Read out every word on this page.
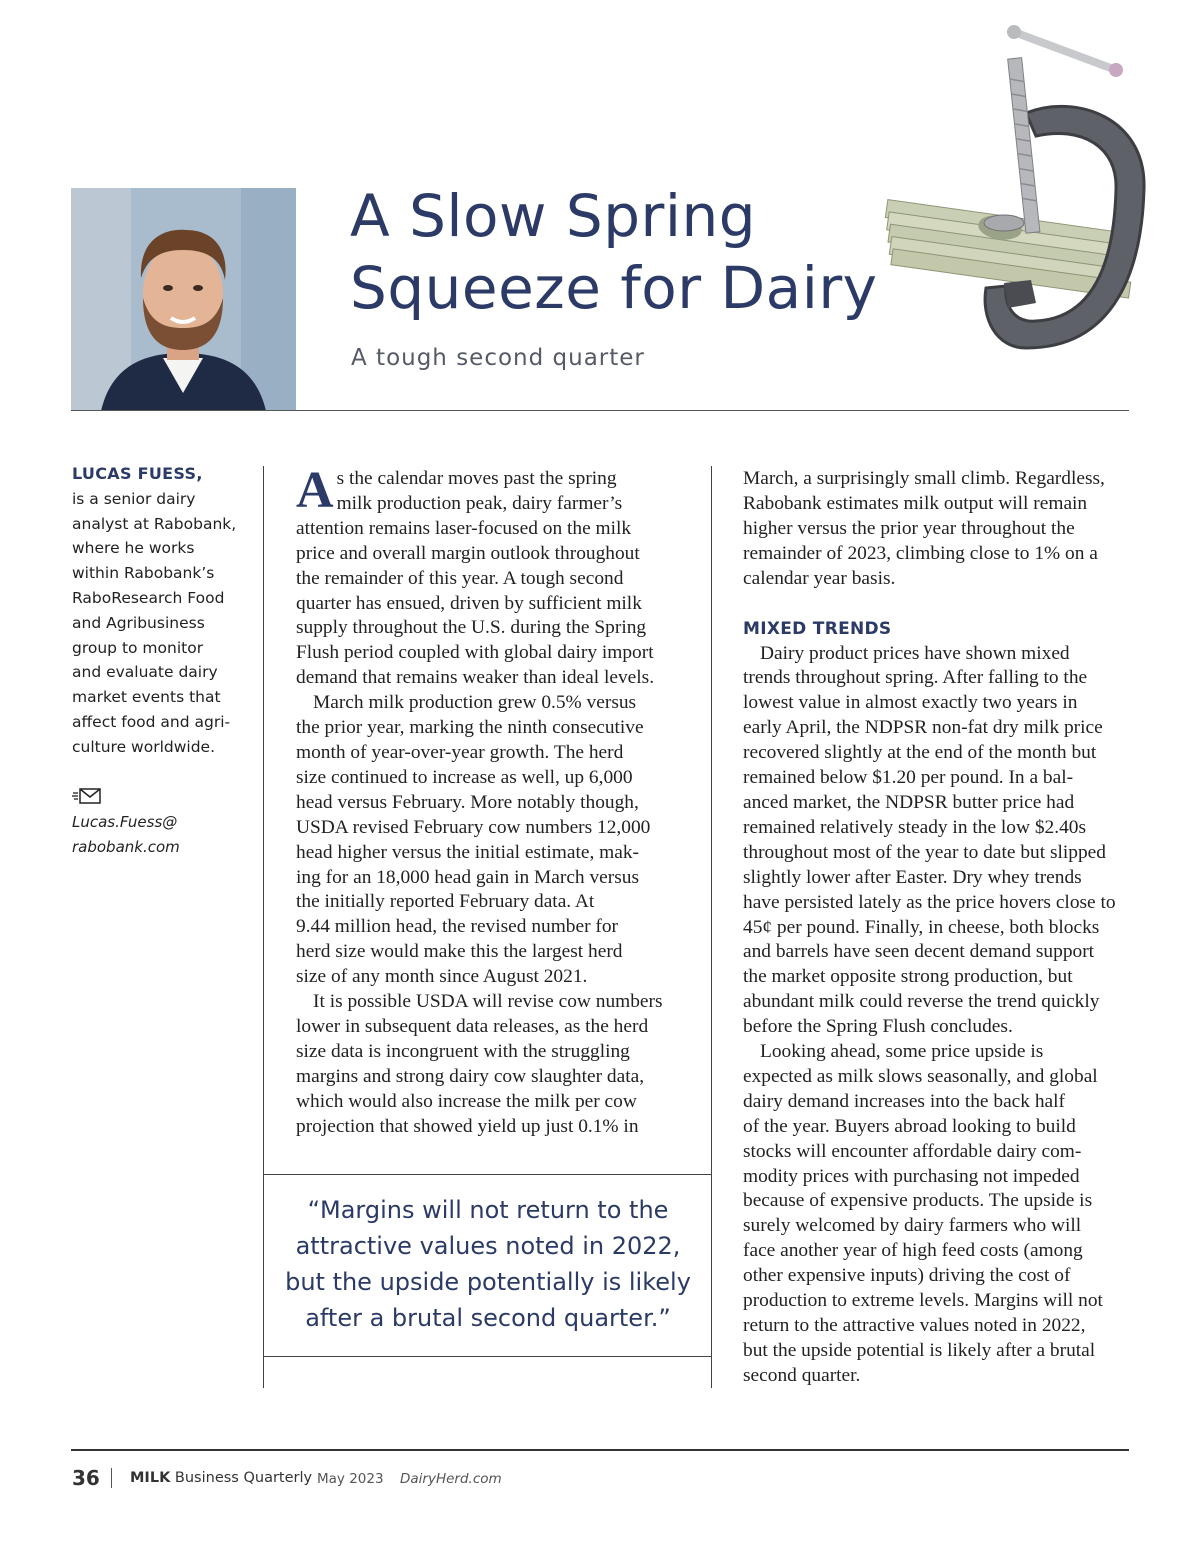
A Slow Spring
Squeeze for Dairy
A tough second quarter
LUCAS FUESS,
is a senior dairy
analyst at Rabobank,
where he works
within Rabobank’s
RaboResearch Food
and Agribusiness
group to monitor
and evaluate dairy
market events that
affect food and agri-
culture worldwide.
Lucas.Fuess@
rabobank.com
A s the calendar moves past the spring
milk production peak, dairy farmer’s
attention remains laser-focused on the milk
price and overall margin outlook throughout
the remainder of this year. A tough second
quarter has ensued, driven by sufficient milk
supply throughout the U.S. during the Spring
Flush period coupled with global dairy import
demand that remains weaker than ideal levels.
March milk production grew 0.5% versus
the prior year, marking the ninth consecutive
month of year-over-year growth. The herd
size continued to increase as well, up 6,000
head versus February. More notably though,
USDA revised February cow numbers 12,000
head higher versus the initial estimate, mak-
ing for an 18,000 head gain in March versus
the initially reported February data. At
9.44 million head, the revised number for
herd size would make this the largest herd
size of any month since August 2021.
It is possible USDA will revise cow numbers
lower in subsequent data releases, as the herd
size data is incongruent with the struggling
margins and strong dairy cow slaughter data,
which would also increase the milk per cow
projection that showed yield up just 0.1% in
March, a surprisingly small climb. Regardless,
Rabobank estimates milk output will remain
higher versus the prior year throughout the
remainder of 2023, climbing close to 1% on a
calendar year basis.
MIXED TRENDS
Dairy product prices have shown mixed
trends throughout spring. After falling to the
lowest value in almost exactly two years in
early April, the NDPSR non-fat dry milk price
recovered slightly at the end of the month but
remained below $1.20 per pound. In a bal-
anced market, the NDPSR butter price had
remained relatively steady in the low $2.40s
throughout most of the year to date but slipped
slightly lower after Easter. Dry whey trends
have persisted lately as the price hovers close to
45¢ per pound. Finally, in cheese, both blocks
and barrels have seen decent demand support
the market opposite strong production, but
abundant milk could reverse the trend quickly
before the Spring Flush concludes.
Looking ahead, some price upside is
expected as milk slows seasonally, and global
dairy demand increases into the back half
of the year. Buyers abroad looking to build
stocks will encounter affordable dairy com-
modity prices with purchasing not impeded
because of expensive products. The upside is
surely welcomed by dairy farmers who will
face another year of high feed costs (among
other expensive inputs) driving the cost of
production to extreme levels. Margins will not
return to the attractive values noted in 2022,
but the upside potential is likely after a brutal
second quarter.
“Margins will not return to the
attractive values noted in 2022,
but the upside potentially is likely
after a brutal second quarter.”
36 MILK Business Quarterly May 2023 DairyHerd.com
